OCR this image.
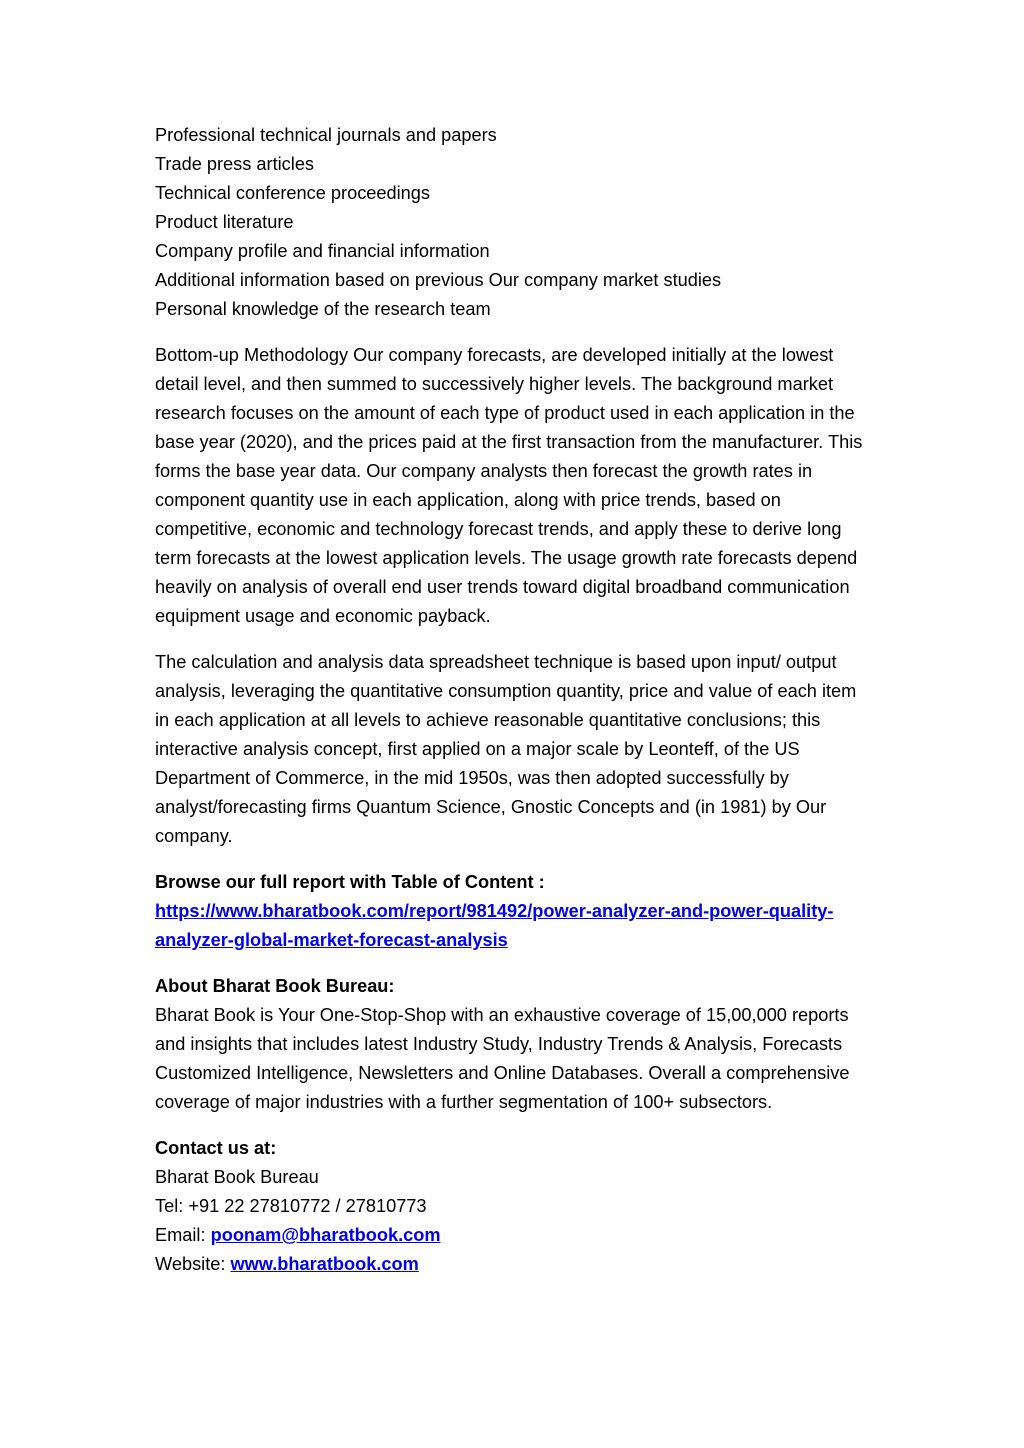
Professional technical journals and papers
Trade press articles
Technical conference proceedings
Product literature
Company profile and financial information
Additional information based on previous Our company market studies
Personal knowledge of the research team

Bottom-up Methodology Our company forecasts, are developed initially at the lowest detail level, and then summed to successively higher levels. The background market research focuses on the amount of each type of product used in each application in the base year (2020), and the prices paid at the first transaction from the manufacturer. This forms the base year data. Our company analysts then forecast the growth rates in component quantity use in each application, along with price trends, based on competitive, economic and technology forecast trends, and apply these to derive long term forecasts at the lowest application levels. The usage growth rate forecasts depend heavily on analysis of overall end user trends toward digital broadband communication equipment usage and economic payback.

The calculation and analysis data spreadsheet technique is based upon input/ output analysis, leveraging the quantitative consumption quantity, price and value of each item in each application at all levels to achieve reasonable quantitative conclusions; this interactive analysis concept, first applied on a major scale by Leonteff, of the US Department of Commerce, in the mid 1950s, was then adopted successfully by analyst/forecasting firms Quantum Science, Gnostic Concepts and (in 1981) by Our company.

Browse our full report with Table of Content :
https://www.bharatbook.com/report/981492/power-analyzer-and-power-quality-
analyzer-global-market-forecast-analysis
About Bharat Book Bureau:
Bharat Book is Your One-Stop-Shop with an exhaustive coverage of 15,00,000 reports and insights that includes latest Industry Study, Industry Trends & Analysis, Forecasts Customized Intelligence, Newsletters and Online Databases. Overall a comprehensive coverage of major industries with a further segmentation of 100+ subsectors.
Contact us at:
Bharat Book Bureau
Tel: +91 22 27810772 / 27810773
Email: poonam@bharatbook.com
Website: www.bharatbook.com
